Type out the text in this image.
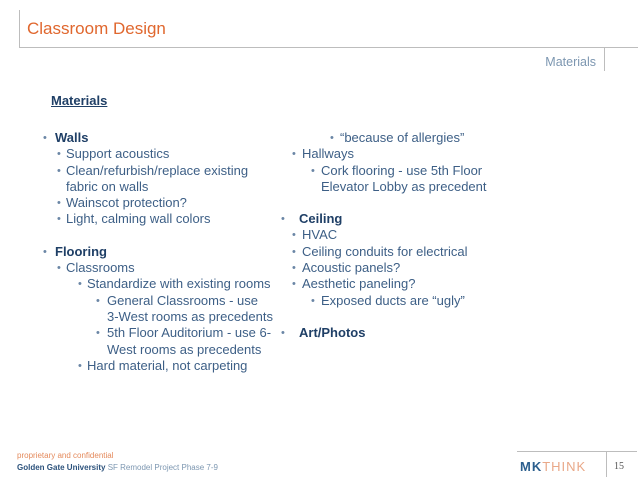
Classroom Design
Materials
Materials
• Walls
• Support acoustics
• Clean/refurbish/replace existing fabric on walls
• Wainscot protection?
• Light, calming wall colors
• Flooring
• Classrooms
• Standardize with existing rooms
• General Classrooms - use 3-West rooms as precedents
• 5th Floor Auditorium - use 6-West rooms as precedents
• Hard material, not carpeting
• “because of allergies”
• Hallways
• Cork flooring - use 5th Floor Elevator Lobby as precedent
• Ceiling
• HVAC
• Ceiling conduits for electrical
• Acoustic panels?
• Aesthetic paneling?
• Exposed ducts are “ugly”
• Art/Photos
proprietary and confidential
Golden Gate University SF Remodel Project Phase 7-9	MKTHINK	15
